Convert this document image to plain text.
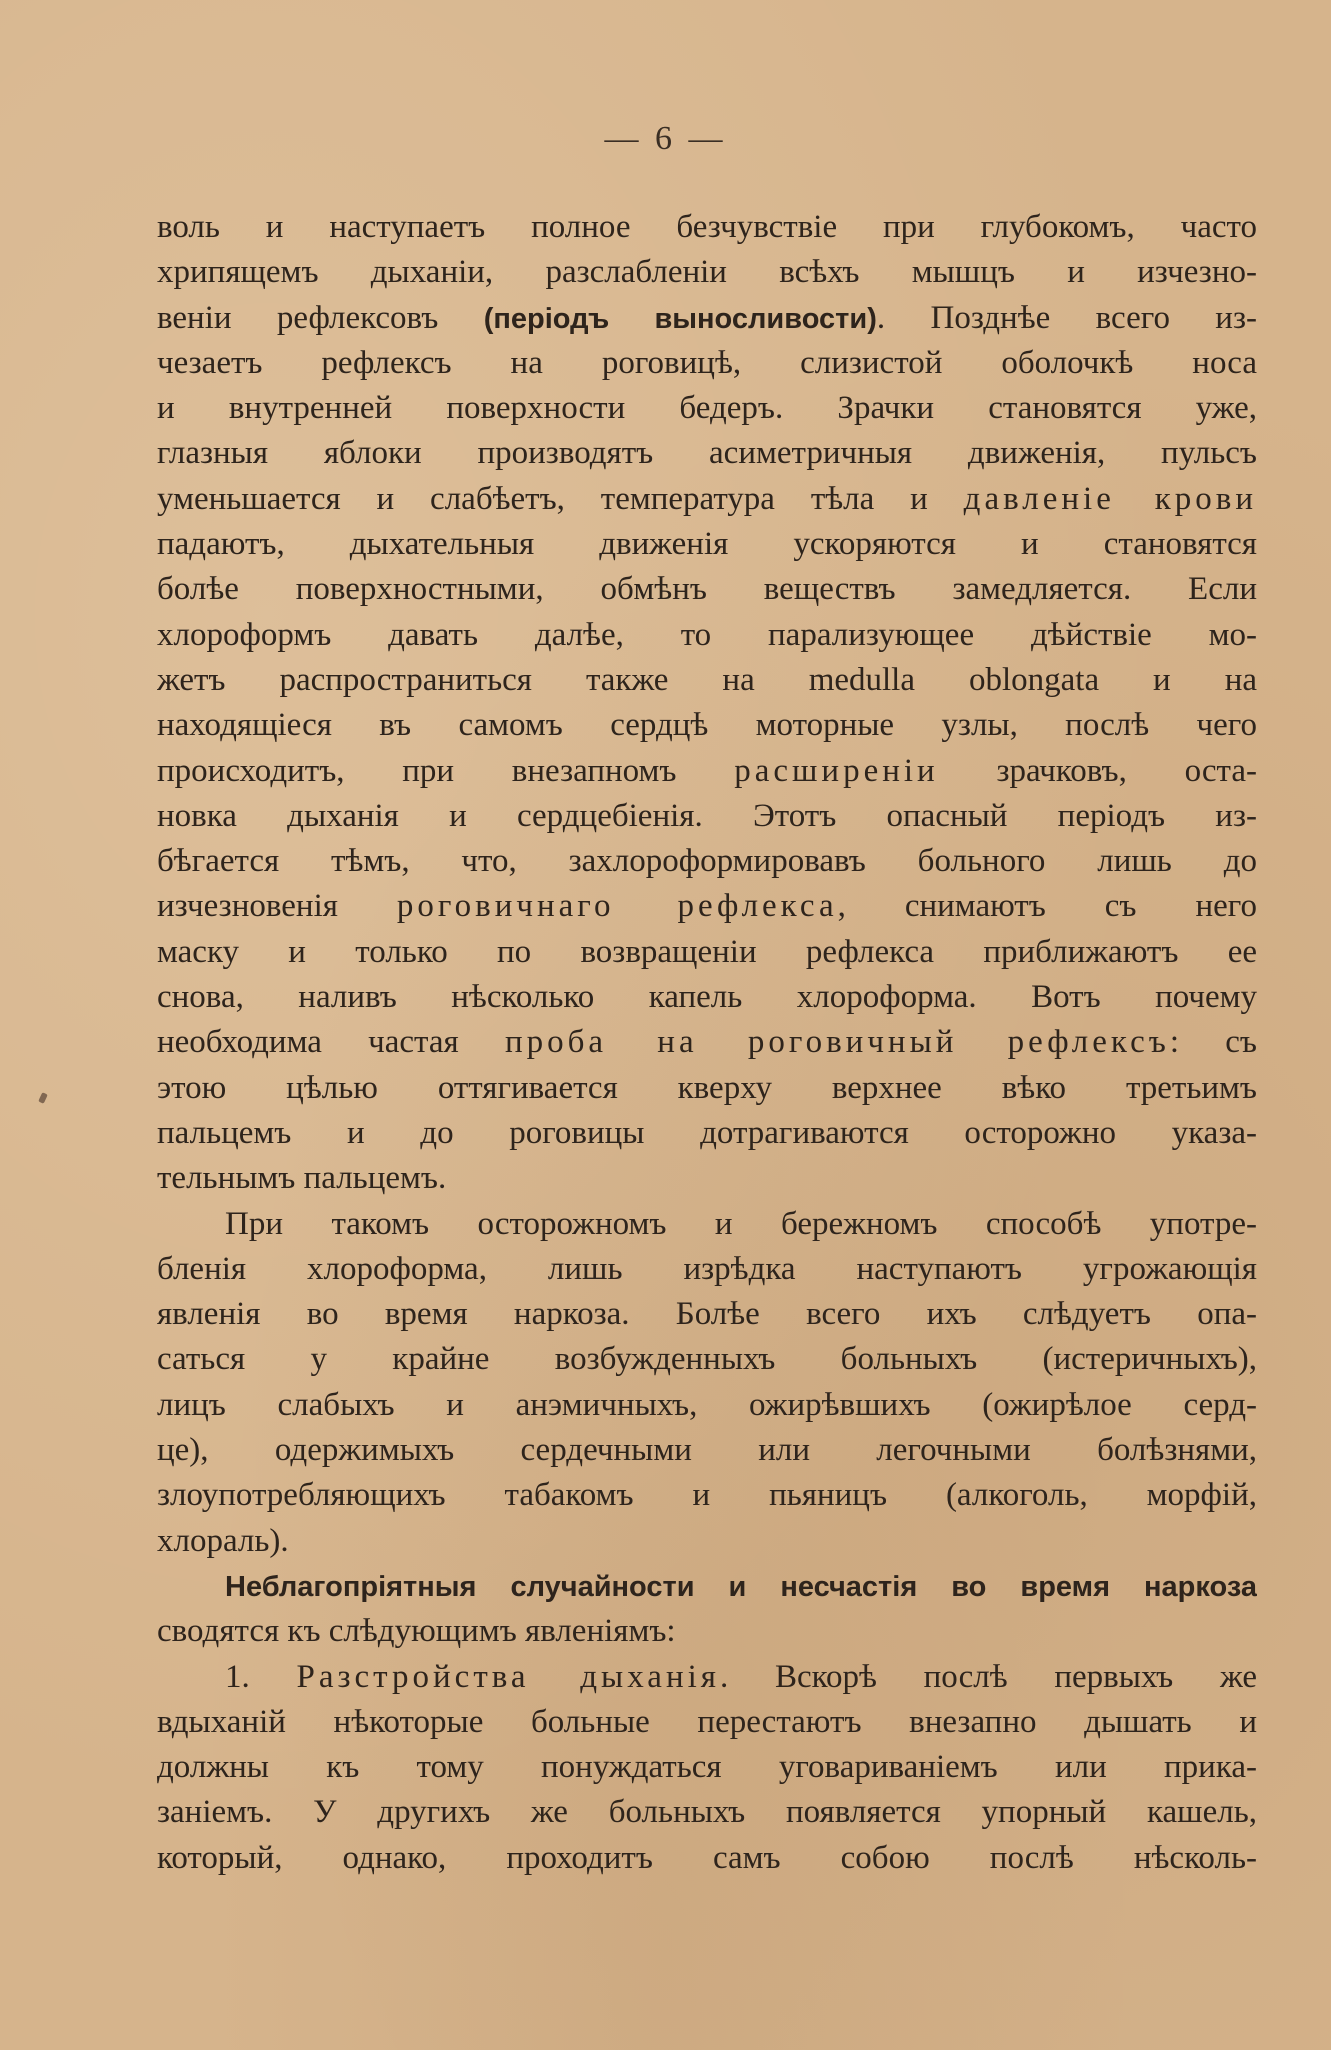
— 6 —
воль и наступаетъ полное безчувствіе при глубокомъ, часто
хрипящемъ дыханіи, разслабленіи всѣхъ мышцъ и изчезно-
веніи рефлексовъ (періодъ выносливости). Позднѣе всего из-
чезаетъ рефлексъ на роговицѣ, слизистой оболочкѣ носа
и внутренней поверхности бедеръ. Зрачки становятся уже,
глазныя яблоки производятъ асиметричныя движенія, пульсъ
уменьшается и слабѣетъ, температура тѣла и давленіе крови
падаютъ, дыхательныя движенія ускоряются и становятся
болѣе поверхностными, обмѣнъ веществъ замедляется. Если
хлороформъ давать далѣе, то парализующее дѣйствіе мо-
жетъ распространиться также на medulla oblongata и на
находящіеся въ самомъ сердцѣ моторные узлы, послѣ чего
происходитъ, при внезапномъ расширеніи зрачковъ, оста-
новка дыханія и сердцебіенія. Этотъ опасный періодъ из-
бѣгается тѣмъ, что, захлороформировавъ больного лишь до
изчезновенія роговичнаго рефлекса, снимаютъ съ него
маску и только по возвращеніи рефлекса приближаютъ ее
снова, наливъ нѣсколько капель хлороформа. Вотъ почему
необходима частая проба на роговичный рефлексъ: съ
этою цѣлью оттягивается кверху верхнее вѣко третьимъ
пальцемъ и до роговицы дотрагиваются осторожно указа-
тельнымъ пальцемъ.
При такомъ осторожномъ и бережномъ способѣ употре-
бленія хлороформа, лишь изрѣдка наступаютъ угрожающія
явленія во время наркоза. Болѣе всего ихъ слѣдуетъ опа-
саться у крайне возбужденныхъ больныхъ (истеричныхъ),
лицъ слабыхъ и анэмичныхъ, ожирѣвшихъ (ожирѣлое серд-
це), одержимыхъ сердечными или легочными болѣзнями,
злоупотребляющихъ табакомъ и пьяницъ (алкоголь, морфій,
хлораль).
Неблагопріятныя случайности и несчастія во время наркоза
сводятся къ слѣдующимъ явленіямъ:
1. Разстройства дыханія. Вскорѣ послѣ первыхъ же
вдыханій нѣкоторые больные перестаютъ внезапно дышать и
должны къ тому понуждаться уговариваніемъ или прика-
заніемъ. У другихъ же больныхъ появляется упорный кашель,
который, однако, проходитъ самъ собою послѣ нѣсколь-
